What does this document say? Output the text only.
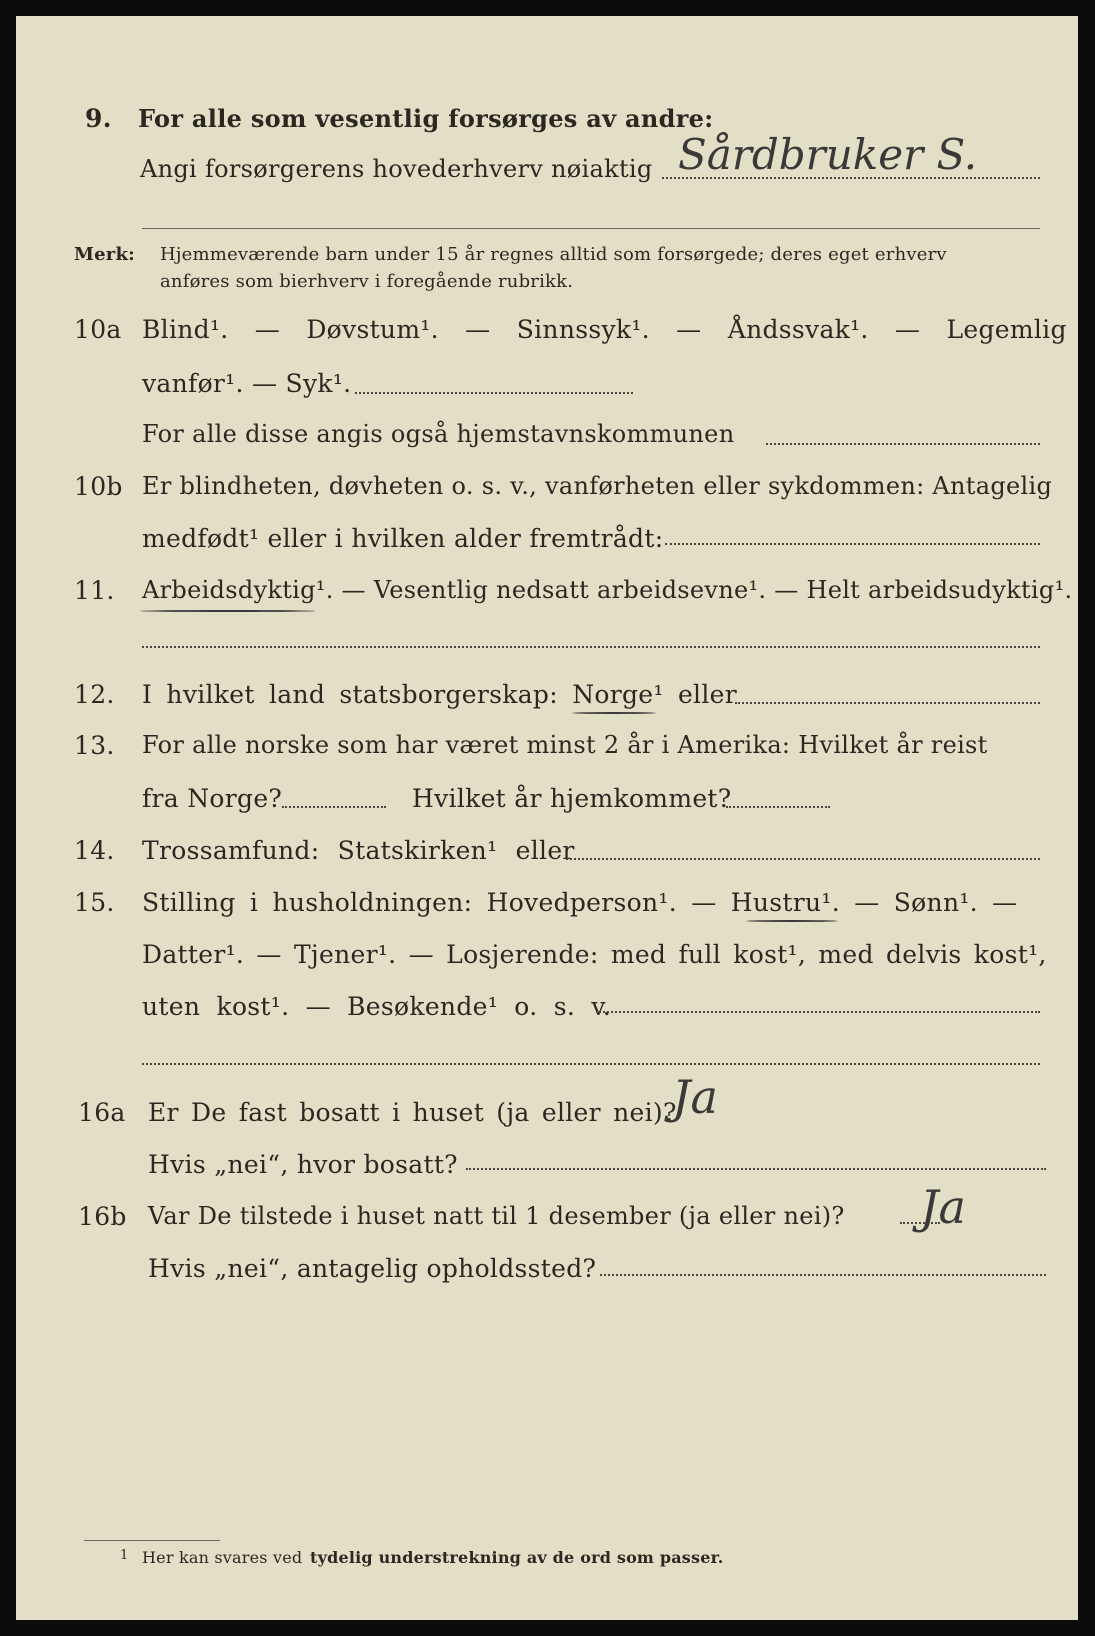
9. For alle som vesentlig forsørges av andre:
Angi forsørgerens hovederhverv nøiaktig Sårdbruker S.
Merk: Hjemmeværende barn under 15 år regnes alltid som forsørgede; deres eget erhverv
anføres som bierhverv i foregående rubrikk.
10a Blind¹. — Døvstum¹. — Sinnssyk¹. — Åndssvak¹. — Legemlig
vanfør¹. — Syk¹.
For alle disse angis også hjemstavnskommunen
10b Er blindheten, døvheten o. s. v., vanførheten eller sykdommen: Antagelig
medfødt¹ eller i hvilken alder fremtrådt:
11. Arbeidsdyktig¹. — Vesentlig nedsatt arbeidsevne¹. — Helt arbeidsudyktig¹.
12. I hvilket land statsborgerskap: Norge¹ eller
13. For alle norske som har været minst 2 år i Amerika: Hvilket år reist
fra Norge?	Hvilket år hjemkommet?
14. Trossamfund: Statskirken¹ eller
15. Stilling i husholdningen: Hovedperson¹. — Hustru¹. — Sønn¹. —
Datter¹. — Tjener¹. — Losjerende: med full kost¹, med delvis kost¹,
uten kost¹. — Besøkende¹ o. s. v.
16a Er De fast bosatt i huset (ja eller nei)?
Ja
Hvis „nei“, hvor bosatt?
16b Var De tilstede i huset natt til 1 desember (ja eller nei)? Ja
Hvis „nei“, antagelig opholdssted?
1 Her kan svares ved tydelig understrekning av de ord som passer.
